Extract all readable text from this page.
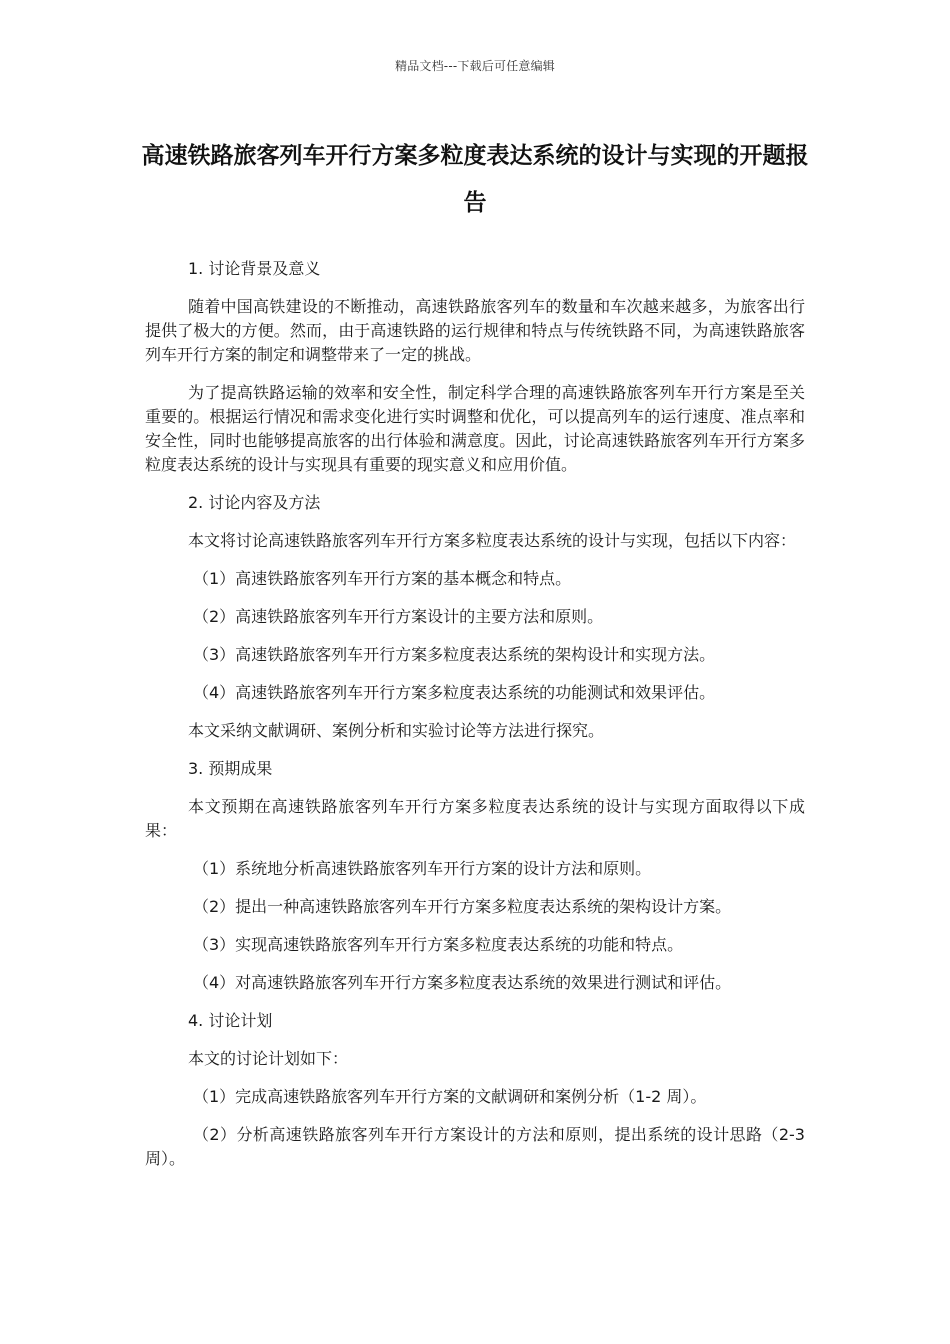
精品文档---下载后可任意编辑
高速铁路旅客列车开行方案多粒度表达系统的设计与实现的开题报告
1. 讨论背景及意义
随着中国高铁建设的不断推动，高速铁路旅客列车的数量和车次越来越多，为旅客出行提供了极大的方便。然而，由于高速铁路的运行规律和特点与传统铁路不同，为高速铁路旅客列车开行方案的制定和调整带来了一定的挑战。
为了提高铁路运输的效率和安全性，制定科学合理的高速铁路旅客列车开行方案是至关重要的。根据运行情况和需求变化进行实时调整和优化，可以提高列车的运行速度、准点率和安全性，同时也能够提高旅客的出行体验和满意度。因此，讨论高速铁路旅客列车开行方案多粒度表达系统的设计与实现具有重要的现实意义和应用价值。
2. 讨论内容及方法
本文将讨论高速铁路旅客列车开行方案多粒度表达系统的设计与实现，包括以下内容：
（1）高速铁路旅客列车开行方案的基本概念和特点。
（2）高速铁路旅客列车开行方案设计的主要方法和原则。
（3）高速铁路旅客列车开行方案多粒度表达系统的架构设计和实现方法。
（4）高速铁路旅客列车开行方案多粒度表达系统的功能测试和效果评估。
本文采纳文献调研、案例分析和实验讨论等方法进行探究。
3. 预期成果
本文预期在高速铁路旅客列车开行方案多粒度表达系统的设计与实现方面取得以下成果：
（1）系统地分析高速铁路旅客列车开行方案的设计方法和原则。
（2）提出一种高速铁路旅客列车开行方案多粒度表达系统的架构设计方案。
（3）实现高速铁路旅客列车开行方案多粒度表达系统的功能和特点。
（4）对高速铁路旅客列车开行方案多粒度表达系统的效果进行测试和评估。
4. 讨论计划
本文的讨论计划如下：
（1）完成高速铁路旅客列车开行方案的文献调研和案例分析（1-2 周）。
（2）分析高速铁路旅客列车开行方案设计的方法和原则，提出系统的设计思路（2-3 周）。
